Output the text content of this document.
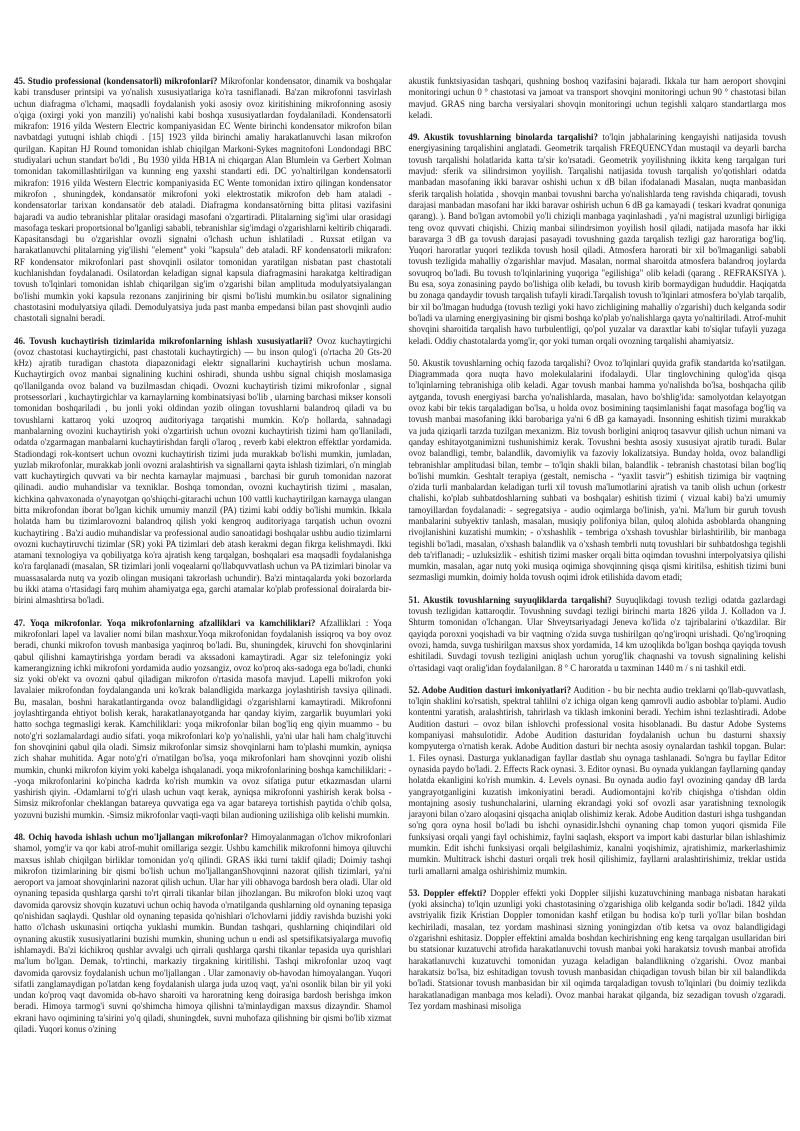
45. Studio professional (kondensatorli) mikrofonlari? Mikrofonlar kondensator, dinamik va boshqalar kabi transduser printsipi va yo'nalish xususiyatlariga ko'ra tasniflanadi. Ba'zan mikrofonni tasvirlash uchun diafragma o'lchami, maqsadli foydalanish yoki asosiy ovoz kiritishining mikrofonning asosiy o'qiga (oxirgi yoki yon manzili) yo'nalishi kabi boshqa xususiyatlardan foydalaniladi. Kondensatorli mikrafon: 1916 yilda Western Electric kompaniyasidan EC Wente birinchi kondensator mikrofon bilan navbatdagi yutuqni ishlab chiqdi . [15] 1923 yilda birinchi amaliy harakatlanuvchi lasan mikrofon qurilgan. Kapitan HJ Round tomonidan ishlab chiqilgan Markoni-Sykes magnitofoni Londondagi BBC studiyalari uchun standart bo'ldi , Bu 1930 yilda HB1A ni chiqargan Alan Blumlein va Gerbert Xolman tomonidan takomillashtirilgan va kunning eng yaxshi standarti edi. DC yo'naltirilgan kondensatorli mikrafon: 1916 yilda Western Electric kompaniyasida EC Wente tomonidan ixtiro qilingan kondensator mikrofon , shuningdek, kondansatör mikrofoni yoki elektrostatik mikrofon deb ham ataladi - kondensatorlar tarixan kondansatör deb ataladi. Diafragma kondansatörning bitta plitasi vazifasini bajaradi va audio tebranishlar plitalar orasidagi masofani o'zgartiradi. Plitalarning sig'imi ular orasidagi masofaga teskari proportsional bo'lganligi sababli, tebranishlar sig'imdagi o'zgarishlarni keltirib chiqaradi. Kapasitansdagi bu o'zgarishlar ovozli signalni o'lchash uchun ishlatiladi . Ruxsat etilgan va harakatlanuvchi plitalarning yig'ilishi "element" yoki "kapsula" deb ataladi. RF kondensatorli mikrafon: RF kondensator mikrofonlari past shovqinli osilator tomonidan yaratilgan nisbatan past chastotali kuchlanishdan foydalanadi. Osilatordan keladigan signal kapsula diafragmasini harakatga keltiradigan tovush to'lqinlari tomonidan ishlab chiqarilgan sig'im o'zgarishi bilan amplituda modulyatsiyalangan bo'lishi mumkin yoki kapsula rezonans zanjirining bir qismi bo'lishi mumkin.bu osilator signalining chastotasini modulyatsiya qiladi. Demodulyatsiya juda past manba empedansi bilan past shovqinli audio chastotali signalni beradi.

46. Tovush kuchaytirish tizimlarida mikrofonlarning ishlash xususiyatlarii? Ovoz kuchaytirgichi (ovoz chastotasi kuchaytirgichi, past chastotali kuchaytirgich) — bu inson qulog'i (o'rtacha 20 Gts-20 kHz) ajratib turadigan chastota diapazonidagi elektr signallarini kuchaytirish uchun moslama. Kuchaytirgich ovoz manbai signalining kuchini oshiradi, shunda ushbu signal chiqish moslamasiga qo'llanilganda ovoz baland va buzilmasdan chiqadi. Ovozni kuchaytirish tizimi mikrofonlar , signal protsessorlari , kuchaytirgichlar va karnaylarning kombinatsiyasi bo'lib , ularning barchasi mikser konsoli tomonidan boshqariladi , bu jonli yoki oldindan yozib olingan tovushlarni balandroq qiladi va bu tovushlarni kattaroq yoki uzoqroq auditoriyaga tarqatishi mumkin. Ko'p hollarda, sahnadagi manbalarning ovozini kuchaytirish yoki o'zgartirish uchun ovozni kuchaytirish tizimi ham qo'llaniladi, odatda o'zgarmagan manbalarni kuchaytirishdan farqli o'laroq , reverb kabi elektron effektlar yordamida. Stadiondagi rok-kontsert uchun ovozni kuchaytirish tizimi juda murakkab bo'lishi mumkin, jumladan, yuzlab mikrofonlar, murakkab jonli ovozni aralashtirish va signallarni qayta ishlash tizimlari, o'n minglab vatt kuchaytirgich quvvati va bir nechta karnaylar majmuasi , barchasi bir guruh tomonidan nazorat qilinadi. audio muhandislar va texniklar. Boshqa tomondan, ovozni kuchaytirish tizimi , masalan, kichkina qahvaxonada o'ynayotgan qo'shiqchi-gitarachi uchun 100 vattli kuchaytirilgan karnayga ulangan bitta mikrofondan iborat bo'lgan kichik umumiy manzil (PA) tizimi kabi oddiy bo'lishi mumkin. Ikkala holatda ham bu tizimlarovozni balandroq qilish yoki kengroq auditoriyaga tarqatish uchun ovozni kuchaytiring . Ba'zi audio muhandislar va professional audio sanoatidagi boshqalar ushbu audio tizimlarni ovozni kuchaytiruvchi tizimlar (SR) yoki PA tizimlari deb atash kerakmi degan fikrga kelishmaydi. Ikki atamani texnologiya va qobiliyatga ko'ra ajratish keng tarqalgan, boshqalari esa maqsadli foydalanishga ko'ra farqlanadi (masalan, SR tizimlari jonli voqealarni qo'llabquvvatlash uchun va PA tizimlari binolar va muassasalarda nutq va yozib olingan musiqani takrorlash uchundir). Ba'zi mintaqalarda yoki bozorlarda bu ikki atama o'rtasidagi farq muhim ahamiyatga ega, garchi atamalar ko'plab professional doiralarda bir-birini almashtirsa bo'ladi.

47. Yoqa mikrofonlar. Yoqa mikrofonlarning afzalliklari va kamchiliklari? Afzalliklari : Yoqa mikrofonlari lapel va lavalier nomi bilan mashxur.Yoqa mikrofonidan foydalanish issiqroq va boy ovoz beradi, chunki mikrofon tovush manbasiga yaqinroq bo'ladi. Bu, shuningdek, kiruvchi fon shovqinlarini qabul qilishni kamaytirishga yordam beradi va akssadoni kamaytiradi. Agar siz telefoningiz yoki kamerangizning ichki mikrofoni yordamida audio yozsangiz, ovoz ko'proq aks-sadoga ega bo'ladi, chunki siz yoki ob'ekt va ovozni qabul qiladigan mikrofon o'rtasida masofa mavjud. Lapelli mikrofon yoki lavalaier mikrofondan foydalanganda uni ko'krak balandligida markazga joylashtirish tavsiya qilinadi. Bu, masalan, boshni harakatlantirganda ovoz balandligidagi o'zgarishlarni kamaytiradi. Mikrofonni joylashtirganda ehtiyot bolish kerak, harakatlanayotganda har qanday kiyim, zargarlik buyumlari yoki hatto sochga tegmasligi kerak. Kamchiliklari: yoqa mikrofonlar bilan bog'liq eng qiyin muammo - bu noto'g'ri sozlamalardagi audio sifati. yoqa mikrofonlari ko'p yo'nalishli, ya'ni ular hali ham chalg'ituvchi fon shovqinini qabul qila oladi. Simsiz mikrofonlar simsiz shovqinlarni ham to'plashi mumkin, ayniqsa zich shahar muhitida. Agar noto'g'ri o'rnatilgan bo'lsa, yoqa mikrofonlari ham shovqinni yozib olishi mumkin, chunki mikrofon kiyim yoki kabelga ishqalanadi. yoqa mikrofonlarining boshqa kamchiliklari: --yoqa mikrofonlarini ko'pincha kadrda ko'rish mumkin va ovoz sifatiga putur etkazmasdan ularni yashirish qiyin. -Odamlarni to'g'ri ulash uchun vaqt kerak, ayniqsa mikrofonni yashirish kerak bolsa -Simsiz mikrofonlar cheklangan batareya quvvatiga ega va agar batareya tortishish paytida o'chib qolsa, yozuvni buzishi mumkin. -Simsiz mikrofonlar vaqti-vaqti bilan audioning uzilishiga olib kelishi mumkin.

48. Ochiq havoda ishlash uchun mo'ljallangan mikrofonlar? Himoyalanmagan o'lchov mikrofonlari shamol, yomg'ir va qor kabi atrof-muhit omillariga sezgir. Ushbu kamchilik mikrofonni himoya qiluvchi maxsus ishlab chiqilgan birliklar tomonidan yo'q qilindi. GRAS ikki turni taklif qiladi; Doimiy tashqi mikrofon tizimlarining bir qismi bo'lish uchun mo'ljallanganShovqinni nazorat qilish tizimlari, ya'ni aeroport va jamoat shovqinlarini nazorat qilish uchun. Ular har yili obhavoga bardosh bera oladi. Ular old oynaning tepasida qushlarga qarshi to'rt qirrali tikanlar bilan jihozlangan. Bu mikrofon bloki uzoq vaqt davomida qarovsiz shovqin kuzatuvi uchun ochiq havoda o'rnatilganda qushlarning old oynaning tepasiga qo'nishidan saqlaydi. Qushlar old oynaning tepasida qo'nishlari o'lchovlarni jiddiy ravishda buzishi yoki hatto o'lchash uskunasini ortiqcha yuklashi mumkin. Bundan tashqari, qushlarning chiqindilari old oynaning akustik xususiyatlarini buzishi mumkin, shuning uchun u endi asl spetsifikatsiyalarga muvofiq ishlamaydi. Ba'zi kichikroq qushlar avvalgi uch qirrali qushlarga qarshi tikanlar tepasida uya qurishlari ma'lum bo'lgan. Demak, to'rtinchi, markaziy tirgakning kiritilishi. Tashqi mikrofonlar uzoq vaqt davomida qarovsiz foydalanish uchun mo'ljallangan . Ular zamonaviy ob-havodan himoyalangan. Yuqori sifatli zanglamaydigan po'latdan keng foydalanish ularga juda uzoq vaqt, ya'ni osonlik bilan bir yil yoki undan ko'proq vaqt davomida ob-havo sharoiti va haroratning keng doirasiga bardosh berishga imkon beradi. Himoya tarmog'i suvni qo'shimcha himoya qilishni ta'minlaydigan maxsus dizayndir. Shamol ekrani havo oqimining ta'sirini yo'q qiladi, shuningdek, suvni muhofaza qilishning bir qismi bo'lib xizmat qiladi. Yuqori konus o'zining

akustik funktsiyasidan tashqari, qushning boshoq vazifasini bajaradi. Ikkala tur ham aeroport shovqini monitoringi uchun 0 ° chastotasi va jamoat va transport shovqini monitoringi uchun 90 ° chastotasi bilan mavjud. GRAS ning barcha versiyalari shovqin monitoringi uchun tegishli xalqaro standartlarga mos keladi.

49. Akustik tovushlarning binolarda tarqalishi? to'lqin jabhalarining kengayishi natijasida tovush energiyasining tarqalishini anglatadi. Geometrik tarqalish FREQUENCYdan mustaqil va deyarli barcha tovush tarqalishi holatlarida katta ta'sir ko'rsatadi. Geometrik yoyilishning ikkita keng tarqalgan turi mavjud: sferik va silindrsimon yoyilish. Tarqalishi natijasida tovush tarqalish yo'qotishlari odatda manbadan masofaning ikki baravar oshishi uchun x dB bilan ifodalanadi Masalan, nuqta manbasidan sferik tarqalish holatida , shovqin manbai tovushni barcha yo'nalishlarda teng ravishda chiqaradi, tovush darajasi manbadan masofani har ikki baravar oshirish uchun 6 dB ga kamayadi ( teskari kvadrat qonuniga qarang). ). Band bo'lgan avtomobil yo'li chiziqli manbaga yaqinlashadi , ya'ni magistral uzunligi birligiga teng ovoz quvvati chiqishi. Chiziq manbai silindrsimon yoyilish hosil qiladi, natijada masofa har ikki baravarga 3 dB ga tovush darajasi pasayadi tovushning gazda tarqalish tezligi gaz haroratiga bog'liq. Yuqori haroratlar yuqori tezlikda tovush hosil qiladi. Atmosfera harorati bir xil bo'lmaganligi sababli tovush tezligida mahalliy o'zgarishlar mavjud. Masalan, normal sharoitda atmosfera balandroq joylarda sovuqroq bo'ladi. Bu tovush to'lqinlarining yuqoriga "egilishiga" olib keladi (qarang . REFRAKSIYA ). Bu esa, soya zonasining paydo bo'lishiga olib keladi, bu tovush kirib bormaydigan hududdir. Haqiqatda bu zonaga qandaydir tovush tarqalish tufayli kiradi.Tarqalish tovush to'lqinlari atmosfera bo'ylab tarqalib, bir xil bo'lmagan hududga (tovush tezligi yoki havo zichligining mahalliy o'zgarishi) duch kelganda sodir bo'ladi va ularning energiyasining bir qismi boshqa ko'plab yo'nalishlarga qayta yo'naltiriladi. Atrof-muhit shovqini sharoitida tarqalish havo turbulentligi, qo'pol yuzalar va daraxtlar kabi to'siqlar tufayli yuzaga keladi. Oddiy chastotalarda yomg'ir, qor yoki tuman orqali ovozning tarqalishi ahamiyatsiz.

50. Akustik tovushlarning ochiq fazoda tarqalishi? Ovoz to'lqinlari quyida grafik standartda ko'rsatilgan. Diagrammada qora nuqta havo molekulalarini ifodalaydi. Ular tinglovchining qulog'ida qisqa to'lqinlarning tebranishiga olib keladi. Agar tovush manbai hamma yo'nalishda bo'lsa, boshqacha qilib aytganda, tovush energiyasi barcha yo'nalishlarda, masalan, havo bo'shlig'ida: samolyotdan kelayotgan ovoz kabi bir tekis tarqaladigan bo'lsa, u holda ovoz bosimining taqsimlanishi faqat masofaga bog'liq va tovush manbai masofaning ikki barobariga ya'ni 6 dB ga kamayadi. Insonning eshitish tizimi murakkab va juda qiziqarli tarzda tuzilgan mexanizm. Biz tovush borligini aniqroq tasavvur qilish uchun nimani va qanday eshitayotganimizni tushunishimiz kerak. Tovushni beshta asosiy xususiyat ajratib turadi. Bular ovoz balandligi, tembr, balandlik, davomiylik va fazoviy lokalizatsiya. Bunday holda, ovoz balandligi tebranishlar amplitudasi bilan, tembr – to'lqin shakli bilan, balandlik - tebranish chastotasi bilan bog'liq bo'lishi mumkin. Geshtalt terapiya (gestalt, nemischa - “yaxlit tasvir”) eshitish tizimiga bir vaqtning o'zida turli manbalardan keladigan turli xil tovush ma'lumotlarini ajratish va tanib olish uchun (orkestr chalishi, ko'plab suhbatdoshlarning suhbati va boshqalar) eshitish tizimi ( vizual kabi) ba'zi umumiy tamoyillardan foydalanadi: - segregatsiya - audio oqimlarga bo'linish, ya'ni. Ma'lum bir guruh tovush manbalarini subyektiv tanlash, masalan, musiqiy polifoniya bilan, quloq alohida asboblarda ohangning rivojlanishini kuzatishi mumkin; - o'xshashlik - tembriga o'xshash tovushlar birlashtirilib, bir manbaga tegishli bo'ladi, masalan, o'xshash balandlik va o'xshash tembrli nutq tovushlari bir suhbatdoshga tegishli deb ta'riflanadi; - uzluksizlik - eshitish tizimi masker orqali bitta oqimdan tovushni interpolyatsiya qilishi mumkin, masalan, agar nutq yoki musiqa oqimiga shovqinning qisqa qismi kiritilsa, eshitish tizimi buni sezmasligi mumkin, doimiy holda tovush oqimi idrok etilishida davom etadi;

51. Akustik tovushlarning suyuqliklarda tarqalishi? Suyuqlikdagi tovush tezligi odatda gazlardagi tovush tezligidan kattaroqdir. Tovushning suvdagi tezligi birinchi marta 1826 yilda J. Kolladon va J. Shturm tomonidan o'lchangan. Ular Shveytsariyadagi Jeneva ko'lida o'z tajribalarini o'tkazdilar. Bir qayiqda poroxni yoqishadi va bir vaqtning o'zida suvga tushirilgan qo'ng'iroqni urishadi. Qo'ng'iroqning ovozi, hamda, suvga tushirilgan maxsus shox yordamida, 14 km uzoqlikda bo'lgan boshqa qayiqda tovush eshitiladi. Suvdagi tovush tezligini aniqlash uchun yorug'lik chaqnashi va tovush signalining kelishi o'rtasidagi vaqt oralig'idan foydalanilgan. 8 ° C haroratda u taxminan 1440 m / s ni tashkil etdi.

52. Adobe Audition dasturi imkoniyatlari? Audition - bu bir nechta audio treklarni qo'llab-quvvatlash, to'lqin shaklini ko'rsatish, spektral tahlilni o'z ichiga olgan keng qamrovli audio asboblar to'plami. Audio kontentni yaratish, aralashtirish, tahrirlash va tiklash imkonini beradi. Yechim ishni tezlashtiradi. Adobe Audition dasturi – ovoz bilan ishlovchi professional vosita hisoblanadi. Bu dastur Adobe Systems kompaniyasi mahsulotidir. Adobe Audition dasturidan foydalanish uchun bu dasturni shaxsiy kompyuterga o'rnatish kerak. Adobe Audition dasturi bir nechta asosiy oynalardan tashkil topgan. Bular: 1. Files oynasi. Dasturga yuklanadigan fayllar dastlab shu oynaga tashlanadi. So'ngra bu fayllar Editor oynasida paydo bo'ladi. 2. Effects Rack oynasi. 3. Editor oynasi. Bu oynada yuklangan fayllarning qanday holatda ekanligini ko'rish mumkin. 4. Levels oynasi. Bu oynada audio fayl ovozining qanday dB larda yangrayotganligini kuzatish imkoniyatini beradi. Audiomontajni ko'rib chiqishga o'tishdan oldin montajning asosiy tushunchalarini, ularning ekrandagi yoki sof ovozli asar yaratishning texnologik jarayoni bilan o'zaro aloqasini qisqacha aniqlab olishimiz kerak. Adobe Audition dasturi ishga tushgandan so'ng qora oyna hosil bo'ladi bu ishchi oynasidir.Ishchi oynaning chap tomon yuqori qismida File funksiyasi orqali yangi fayl ochishimiz, faylni saqlash, eksport va import kabi dasturlar bilan ishlashimiz mumkin. Edit ishchi funksiyasi orqali belgilashimiz, kanalni yoqishimiz, ajratishimiz, markerlashimiz mumkin. Multitrack ishchi dasturi orqali trek hosil qilishimiz, fayllarni aralashtirishimiz, treklar ustida turli amallarni amalga oshirishimiz mumkin.

53. Doppler effekti? Doppler effekti yoki Doppler siljishi kuzatuvchining manbaga nisbatan harakati (yoki aksincha) to'lqin uzunligi yoki chastotasining o'zgarishiga olib kelganda sodir bo'ladi. 1842 yilda avstriyalik fizik Kristian Doppler tomonidan kashf etilgan bu hodisa ko'p turli yo'llar bilan boshdan kechiriladi, masalan, tez yordam mashinasi sizning yoningizdan o'tib ketsa va ovoz balandligidagi o'zgarishni eshitasiz. Doppler effektini amalda boshdan kechirishning eng keng tarqalgan usullaridan biri bu statsionar kuzatuvchi atrofida harakatlanuvchi tovush manbai yoki harakatsiz tovush manbai atrofida harakatlanuvchi kuzatuvchi tomonidan yuzaga keladigan balandlikning o'zgarishi. Ovoz manbai harakatsiz bo'lsa, biz eshitadigan tovush tovush manbasidan chiqadigan tovush bilan bir xil balandlikda bo'ladi. Statsionar tovush manbasidan bir xil oqimda tarqaladigan tovush to'lqinlari (bu doimiy tezlikda harakatlanadigan manbaga mos keladi). Ovoz manbai harakat qilganda, biz sezadigan tovush o'zgaradi. Tez yordam mashinasi misoliga
